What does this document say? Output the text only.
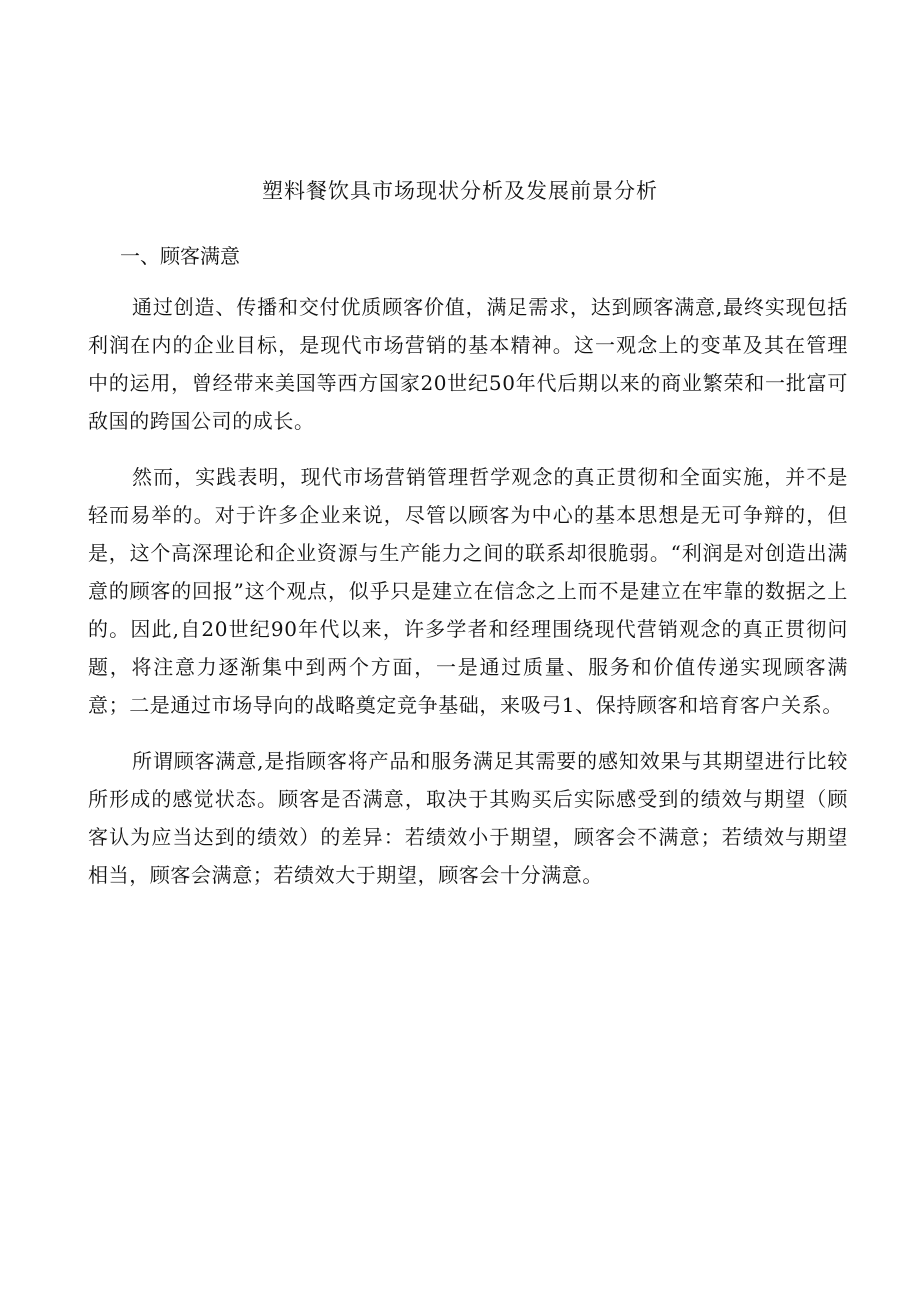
塑料餐饮具市场现状分析及发展前景分析
一、顾客满意

通过创造、传播和交付优质顾客价值，满足需求，达到顾客满意,最终实现包括利润在内的企业目标，是现代市场营销的基本精神。这一观念上的变革及其在管理中的运用，曾经带来美国等西方国家20世纪50年代后期以来的商业繁荣和一批富可敌国的跨国公司的成长。

然而，实践表明，现代市场营销管理哲学观念的真正贯彻和全面实施，并不是轻而易举的。对于许多企业来说，尽管以顾客为中心的基本思想是无可争辩的，但是，这个高深理论和企业资源与生产能力之间的联系却很脆弱。“利润是对创造出满意的顾客的回报”这个观点，似乎只是建立在信念之上而不是建立在牢靠的数据之上的。因此,自20世纪90年代以来，许多学者和经理围绕现代营销观念的真正贯彻问题，将注意力逐渐集中到两个方面，一是通过质量、服务和价值传递实现顾客满意；二是通过市场导向的战略奠定竞争基础，来吸弓1、保持顾客和培育客户关系。

所谓顾客满意,是指顾客将产品和服务满足其需要的感知效果与其期望进行比较所形成的感觉状态。顾客是否满意，取决于其购买后实际感受到的绩效与期望（顾客认为应当达到的绩效）的差异：若绩效小于期望，顾客会不满意；若绩效与期望相当，顾客会满意；若绩效大于期望，顾客会十分满意。
